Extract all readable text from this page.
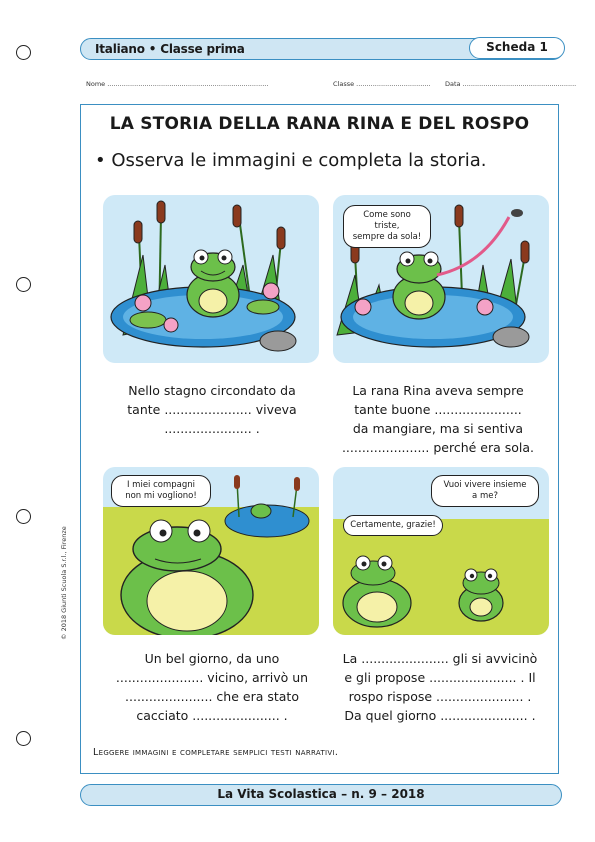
Italiano • Classe prima	Scheda 1
Nome ..............................................................................	Classe .................................... Data .......................................................
© 2018 Giunti Scuola S.r.l., Firenze
LA STORIA DELLA RANA RINA E DEL ROSPO
• Osserva le immagini e completa la storia.
Nello stagno circondato da
tante ...................... viveva
...................... .
Come sono triste,
sempre da sola!
La rana Rina aveva sempre
tante buone ......................
da mangiare, ma si sentiva
...................... perché era sola.
I miei compagni
non mi vogliono!
Un bel giorno, da uno
...................... vicino, arrivò un
...................... che era stato
cacciato ...................... .
Vuoi vivere insieme
a me?
Certamente, grazie!
La ...................... gli si avvicinò
e gli propose ...................... . Il
rospo rispose ...................... .
Da quel giorno ...................... .
Leggere immagini e completare semplici testi narrativi.
La Vita Scolastica – n. 9 – 2018
